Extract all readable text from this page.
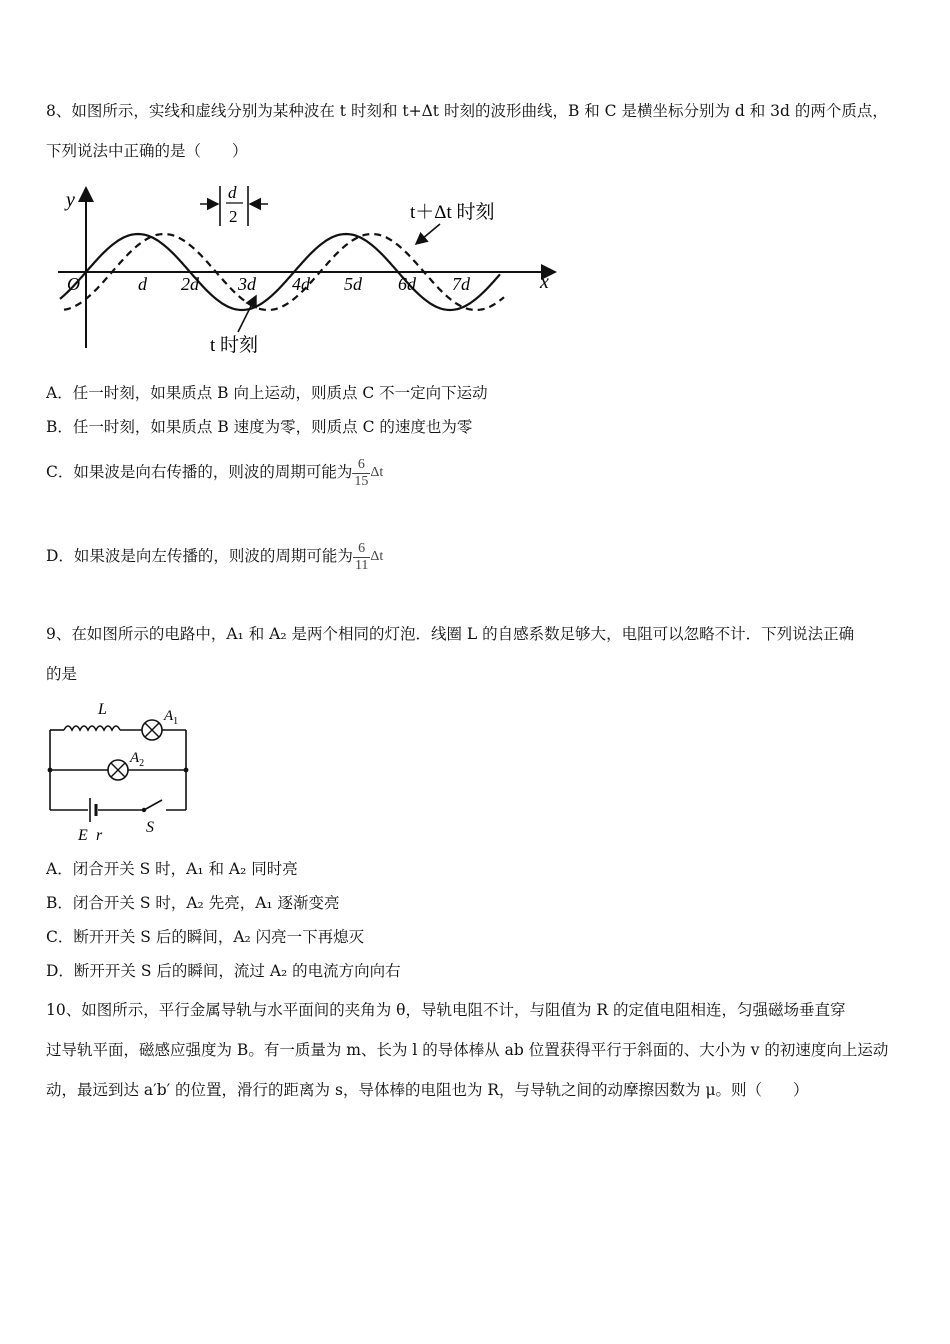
8、如图所示，实线和虚线分别为某种波在 t 时刻和 t+Δt 时刻的波形曲线，B 和 C 是横坐标分别为 d 和 3d 的两个质点，
下列说法中正确的是（　　）
y
x
O	d 2d 3d 4d 5d 6d 7d
d
2	t＋Δt 时刻
t 时刻
A．任一时刻，如果质点 B 向上运动，则质点 C 不一定向下运动
B．任一时刻，如果质点 B 速度为零，则质点 C 的速度也为零
C．如果波是向右传播的，则波的周期可能为 $\frac{6}{15}$ Δt
D．如果波是向左传播的，则波的周期可能为 $\frac{6}{11}$ Δt
9、在如图所示的电路中，A₁ 和 A₂ 是两个相同的灯泡．线圈 L 的自感系数足够大，电阻可以忽略不计．下列说法正确
的是
L	$A_1$
$A_2$
E r	S
A．闭合开关 S 时，A₁ 和 A₂ 同时亮
B．闭合开关 S 时，A₂ 先亮，A₁ 逐渐变亮
C．断开开关 S 后的瞬间，A₂ 闪亮一下再熄灭
D．断开开关 S 后的瞬间，流过 A₂ 的电流方向向右
10、如图所示，平行金属导轨与水平面间的夹角为 θ，导轨电阻不计，与阻值为 R 的定值电阻相连，匀强磁场垂直穿
过导轨平面，磁感应强度为 B。有一质量为 m、长为 l 的导体棒从 ab 位置获得平行于斜面的、大小为 v 的初速度向上运动
动，最远到达 a′b′ 的位置，滑行的距离为 s，导体棒的电阻也为 R，与导轨之间的动摩擦因数为 μ。则（　　）
